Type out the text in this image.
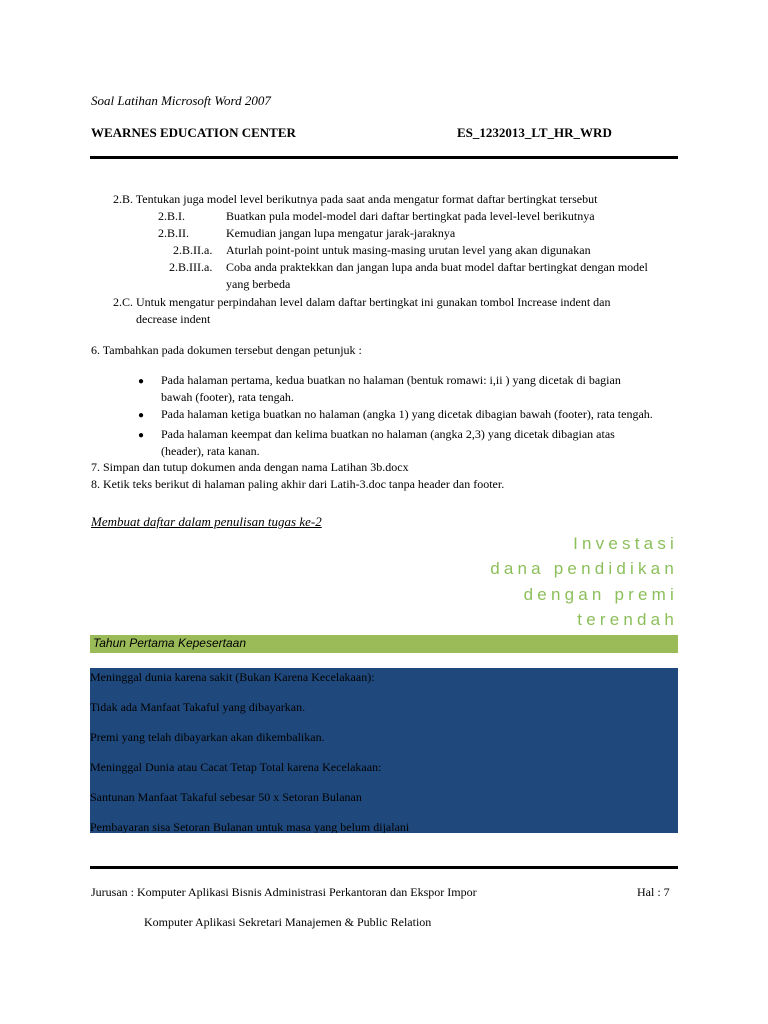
Soal Latihan Microsoft Word 2007
WEARNES EDUCATION CENTER	ES_1232013_LT_HR_WRD
2.B. Tentukan juga model level berikutnya pada saat anda mengatur format daftar bertingkat tersebut
2.B.I.	Buatkan pula model-model dari daftar bertingkat pada level-level berikutnya
2.B.II.	Kemudian jangan lupa mengatur jarak-jaraknya
2.B.II.a. Aturlah point-point untuk masing-masing urutan level yang akan digunakan
2.B.III.a. Coba anda praktekkan dan jangan lupa anda buat model daftar bertingkat dengan model
yang berbeda
2.C. Untuk mengatur perpindahan level dalam daftar bertingkat ini gunakan tombol Increase indent dan
decrease indent
6. Tambahkan pada dokumen tersebut dengan petunjuk :
● Pada halaman pertama, kedua buatkan no halaman (bentuk romawi: i,ii ) yang dicetak di bagian
bawah (footer), rata tengah.
● Pada halaman ketiga buatkan no halaman (angka 1) yang dicetak dibagian bawah (footer), rata tengah.
● Pada halaman keempat dan kelima buatkan no halaman (angka 2,3) yang dicetak dibagian atas
(header), rata kanan.
7. Simpan dan tutup dokumen anda dengan nama Latihan 3b.docx
8. Ketik teks berikut di halaman paling akhir dari Latih-3.doc tanpa header dan footer.
Membuat daftar dalam penulisan tugas ke-2
Investasi
dana pendidikan
dengan premi
terendah
Tahun Pertama Kepesertaan
Meninggal dunia karena sakit (Bukan Karena Kecelakaan):
Tidak ada Manfaat Takaful yang dibayarkan.
Premi yang telah dibayarkan akan dikembalikan.
Meninggal Dunia atau Cacat Tetap Total karena Kecelakaan:
Santunan Manfaat Takaful sebesar 50 x Setoran Bulanan
Pembayaran sisa Setoran Bulanan untuk masa yang belum dijalani
Jurusan : Komputer Aplikasi Bisnis Administrasi Perkantoran dan Ekspor Impor	Hal : 7
Komputer Aplikasi Sekretari Manajemen & Public Relation
